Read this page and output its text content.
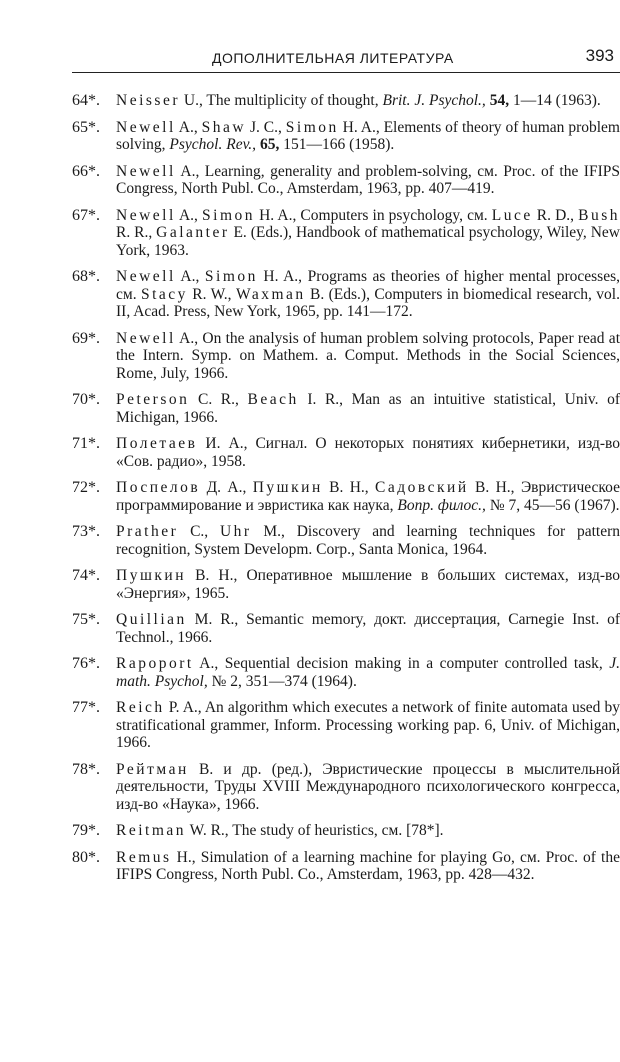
ДОПОЛНИТЕЛЬНАЯ ЛИТЕРАТУРА	393
64*.	Neisser U., The multiplicity of thought, Brit. J. Psychol., 54, 1—14 (1963).
65*.	Newell A., Shaw J. C., Simon H. A., Elements of theory of human problem solving, Psychol. Rev., 65, 151—166 (1958).
66*.	Newell A., Learning, generality and problem-solving, см. Proc. of the IFIPS Congress, North Publ. Co., Amsterdam, 1963, pp. 407—419.
67*.	Newell A., Simon H. A., Computers in psychology, см. Luce R. D., Bush R. R., Galanter E. (Eds.), Handbook of mathematical psychology, Wiley, New York, 1963.
68*.	Newell A., Simon H. A., Programs as theories of higher mental processes, см. Stacy R. W., Waxman B. (Eds.), Computers in biomedical research, vol. II, Acad. Press, New York, 1965, pp. 141—172.
69*.	Newell A., On the analysis of human problem solving protocols, Paper read at the Intern. Symp. on Mathem. a. Comput. Methods in the Social Sciences, Rome, July, 1966.
70*.	Peterson C. R., Beach I. R., Man as an intuitive statistical, Univ. of Michigan, 1966.
71*.	Полетаев И. А., Сигнал. О некоторых понятиях кибернетики, изд-во «Сов. радио», 1958.
72*.	Поспелов Д. А., Пушкин В. Н., Садовский В. Н., Эвристическое программирование и эвристика как наука, Вопр. филос., № 7, 45—56 (1967).
73*.	Prather C., Uhr M., Discovery and learning techniques for pattern recognition, System Developm. Corp., Santa Monica, 1964.
74*.	Пушкин В. Н., Оперативное мышление в больших системах, изд-во «Энергия», 1965.
75*.	Quillian M. R., Semantic memory, докт. диссертация, Carnegie Inst. of Technol., 1966.
76*.	Rapoport A., Sequential decision making in a computer controlled task, J. math. Psychol, № 2, 351—374 (1964).
77*.	Reich P. A., An algorithm which executes a network of finite automata used by stratificational grammer, Inform. Processing working pap. 6, Univ. of Michigan, 1966.
78*.	Рейтман В. и др. (ред.), Эвристические процессы в мыслительной деятельности, Труды XVIII Международного психологического конгресса, изд-во «Наука», 1966.
79*.	Reitman W. R., The study of heuristics, см. [78*].
80*.	Remus H., Simulation of a learning machine for playing Go, см. Proc. of the IFIPS Congress, North Publ. Co., Amsterdam, 1963, pp. 428—432.
